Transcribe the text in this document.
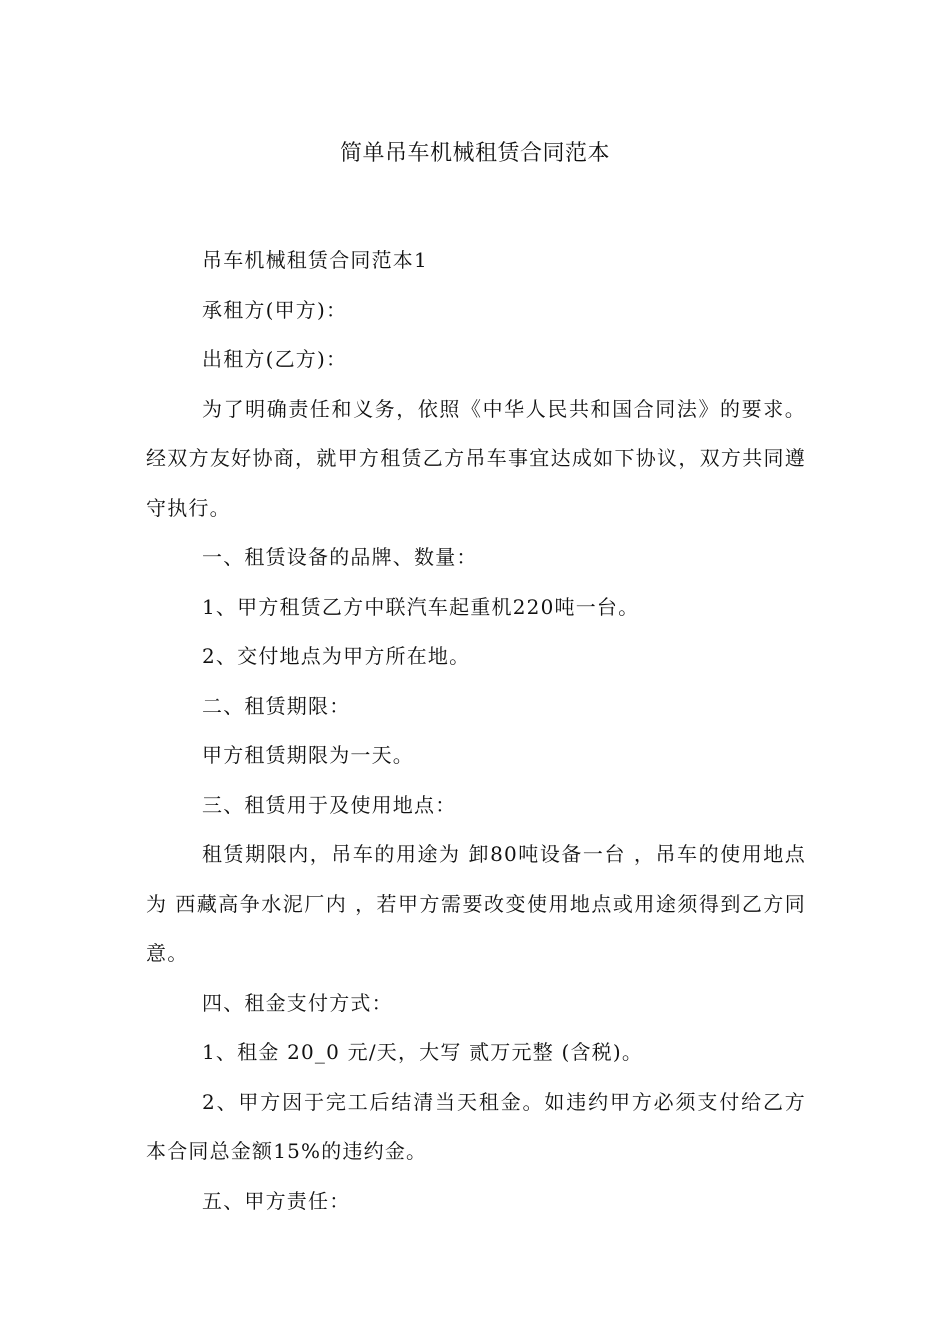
简单吊车机械租赁合同范本

吊车机械租赁合同范本1

承租方(甲方)：

出租方(乙方)：

为了明确责任和义务，依照《中华人民共和国合同法》的要求。经双方友好协商，就甲方租赁乙方吊车事宜达成如下协议，双方共同遵守执行。

一、租赁设备的品牌、数量：

1、甲方租赁乙方中联汽车起重机220吨一台。

2、交付地点为甲方所在地。

二、租赁期限：

甲方租赁期限为一天。

三、租赁用于及使用地点：

租赁期限内，吊车的用途为 卸80吨设备一台 ，吊车的使用地点为 西藏高争水泥厂内 ，若甲方需要改变使用地点或用途须得到乙方同意。

四、租金支付方式：

1、租金 20_0 元/天，大写 贰万元整 (含税)。

2、甲方因于完工后结清当天租金。如违约甲方必须支付给乙方本合同总金额15%的违约金。

五、甲方责任：
